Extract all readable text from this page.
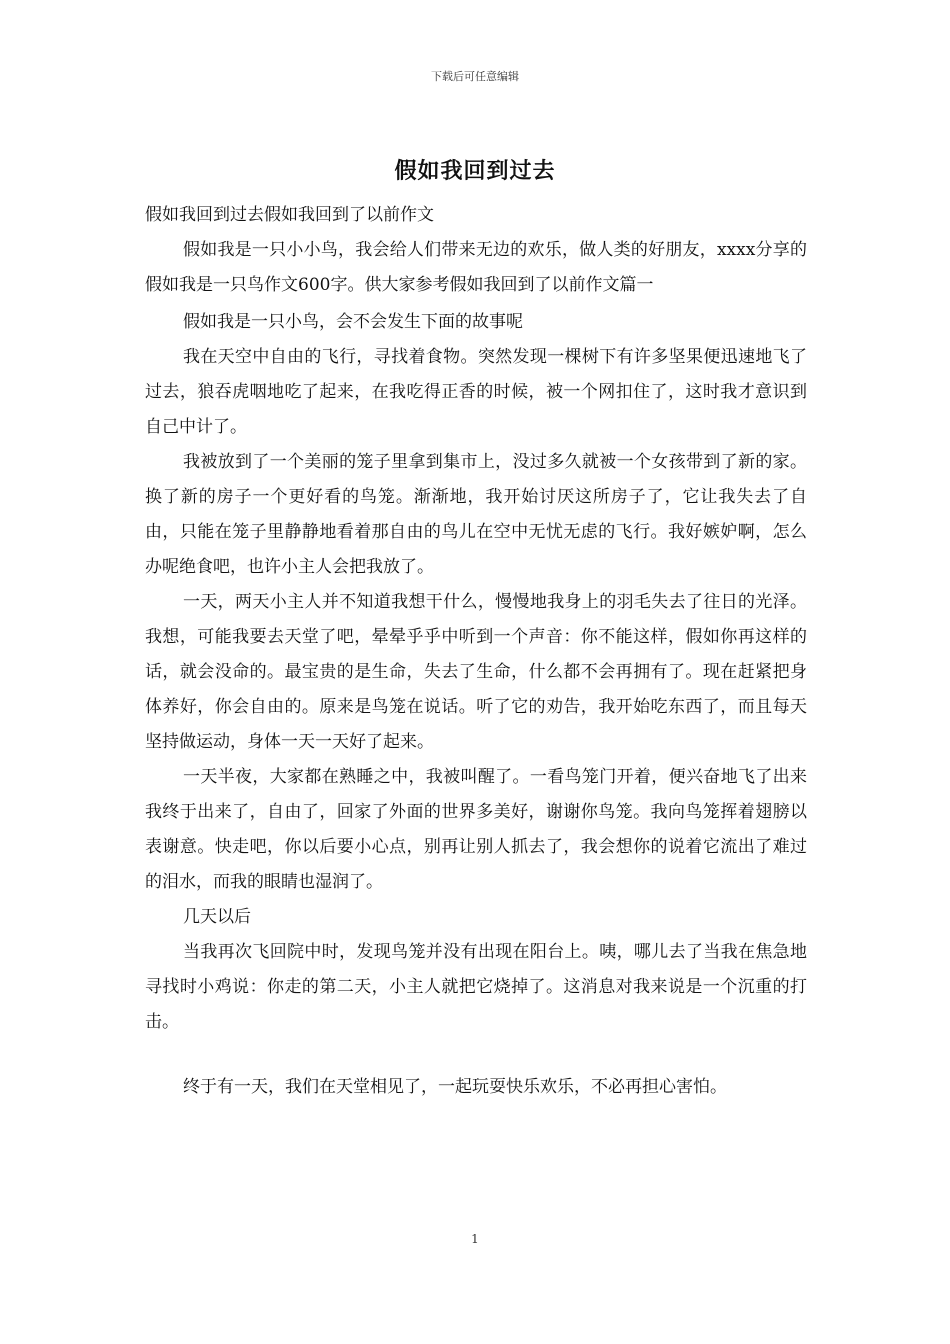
下载后可任意编辑
假如我回到过去

假如我回到过去假如我回到了以前作文

假如我是一只小小鸟，我会给人们带来无边的欢乐，做人类的好朋友，xxxx分享的假如我是一只鸟作文600字。供大家参考假如我回到了以前作文篇一

假如我是一只小鸟，会不会发生下面的故事呢

我在天空中自由的飞行，寻找着食物。突然发现一棵树下有许多坚果便迅速地飞了过去，狼吞虎咽地吃了起来，在我吃得正香的时候，被一个网扣住了，这时我才意识到自己中计了。

我被放到了一个美丽的笼子里拿到集市上，没过多久就被一个女孩带到了新的家。换了新的房子一个更好看的鸟笼。渐渐地，我开始讨厌这所房子了，它让我失去了自由，只能在笼子里静静地看着那自由的鸟儿在空中无忧无虑的飞行。我好嫉妒啊，怎么办呢绝食吧，也许小主人会把我放了。

一天，两天小主人并不知道我想干什么，慢慢地我身上的羽毛失去了往日的光泽。我想，可能我要去天堂了吧，晕晕乎乎中听到一个声音：你不能这样，假如你再这样的话，就会没命的。最宝贵的是生命，失去了生命，什么都不会再拥有了。现在赶紧把身体养好，你会自由的。原来是鸟笼在说话。听了它的劝告，我开始吃东西了，而且每天坚持做运动，身体一天一天好了起来。

一天半夜，大家都在熟睡之中，我被叫醒了。一看鸟笼门开着，便兴奋地飞了出来我终于出来了，自由了，回家了外面的世界多美好，谢谢你鸟笼。我向鸟笼挥着翅膀以表谢意。快走吧，你以后要小心点，别再让别人抓去了，我会想你的说着它流出了难过的泪水，而我的眼睛也湿润了。

几天以后

当我再次飞回院中时，发现鸟笼并没有出现在阳台上。咦，哪儿去了当我在焦急地寻找时小鸡说：你走的第二天，小主人就把它烧掉了。这消息对我来说是一个沉重的打击。

终于有一天，我们在天堂相见了，一起玩耍快乐欢乐，不必再担心害怕。

1
